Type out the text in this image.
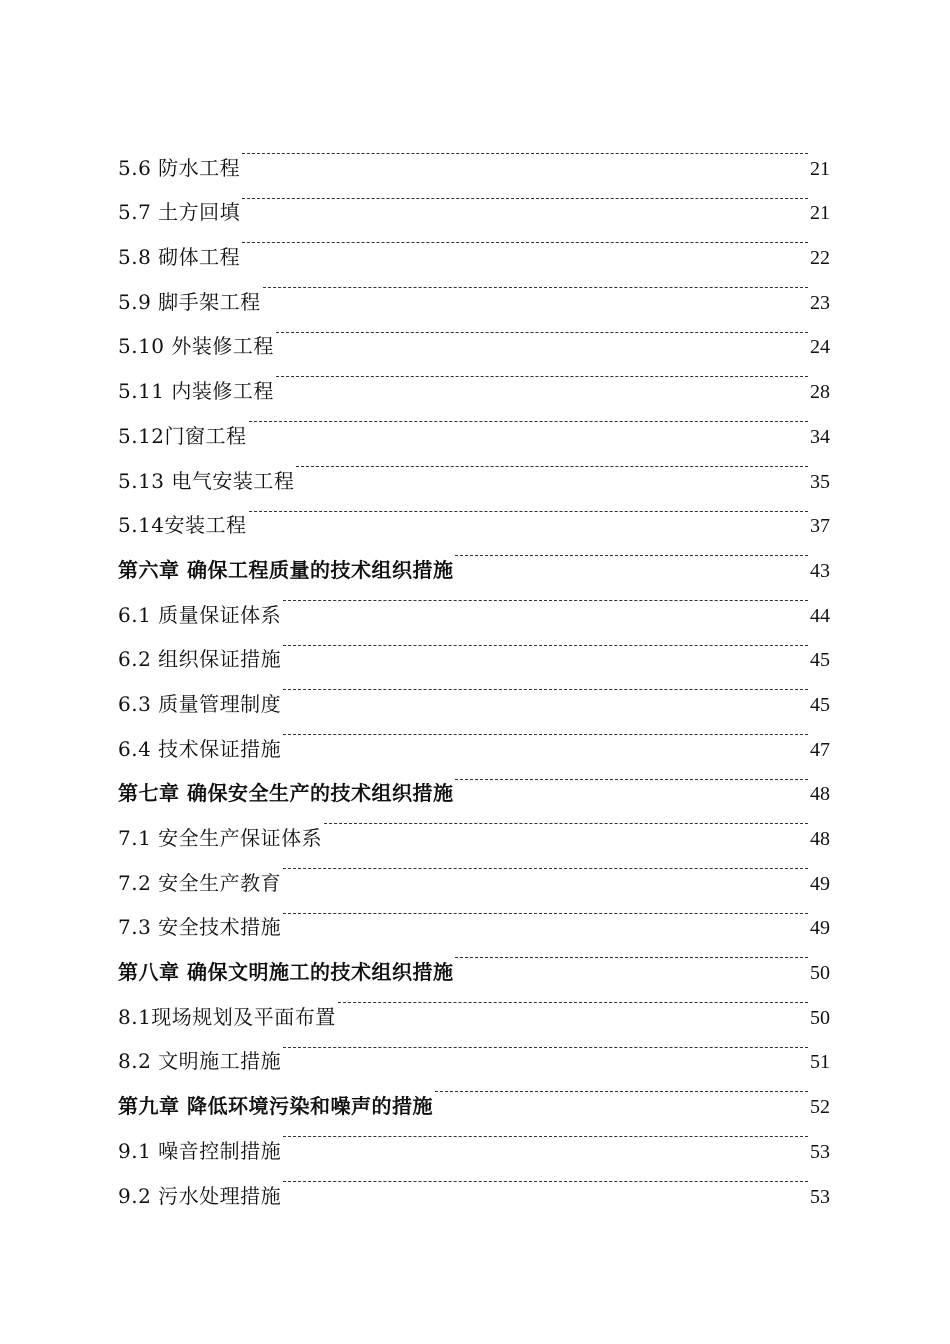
5.6 防水工程	21
5.7 土方回填	21
5.8 砌体工程	22
5.9 脚手架工程	23
5.10 外装修工程	24
5.11 内装修工程	28
5.12门窗工程	34
5.13 电气安装工程	35
5.14安装工程	37
第六章 确保工程质量的技术组织措施	43
6.1 质量保证体系	44
6.2 组织保证措施	45
6.3 质量管理制度	45
6.4 技术保证措施	47
第七章 确保安全生产的技术组织措施	48
7.1 安全生产保证体系	48
7.2 安全生产教育	49
7.3 安全技术措施	49
第八章 确保文明施工的技术组织措施	50
8.1现场规划及平面布置	50
8.2 文明施工措施	51
第九章 降低环境污染和噪声的措施	52
9.1 噪音控制措施	53
9.2 污水处理措施	53
